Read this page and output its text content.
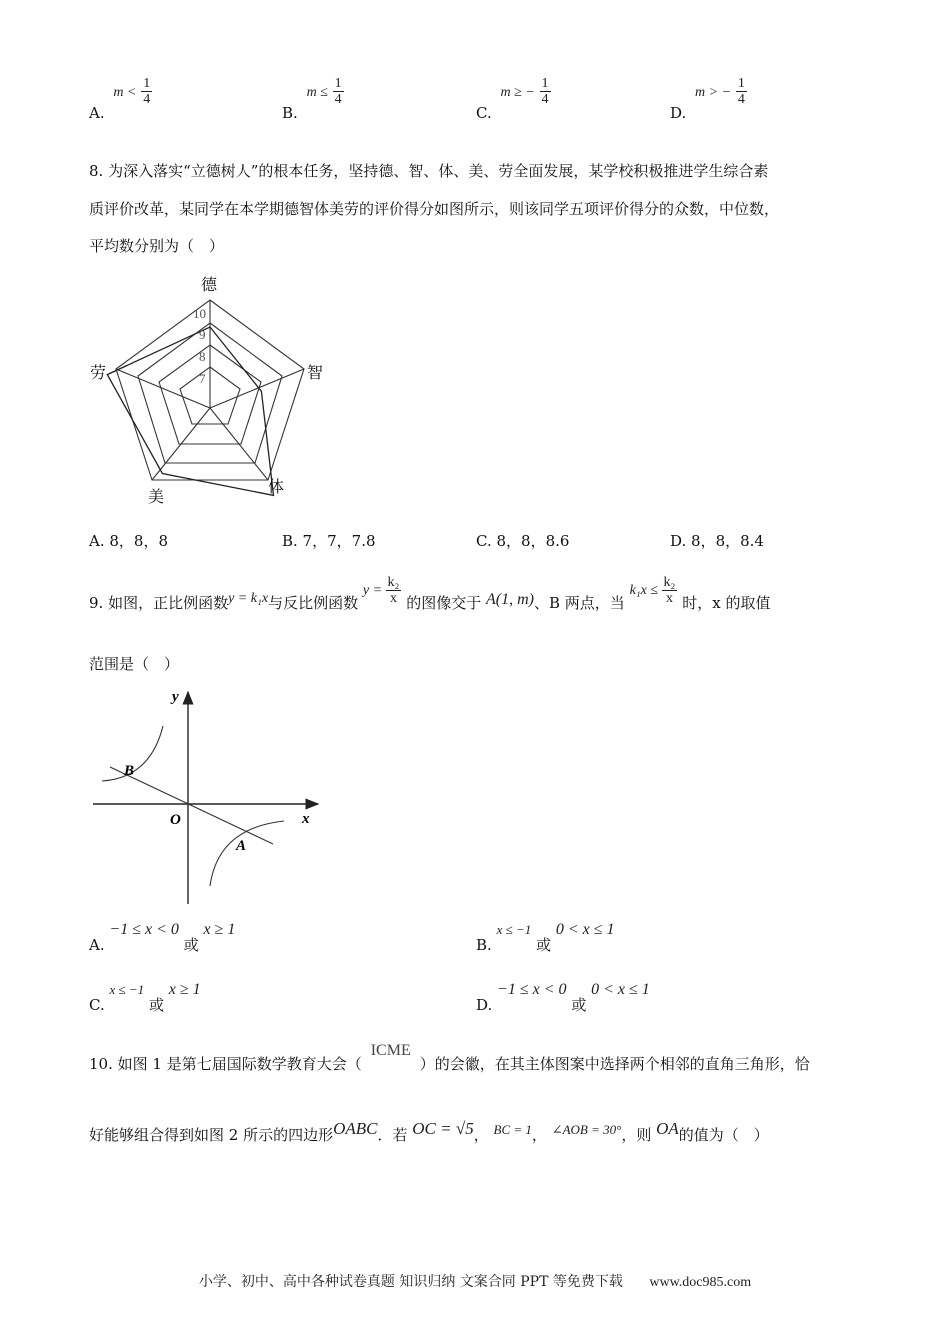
A. $m < \frac{1}{4}$
B. $m \le \frac{1}{4}$
C. m ≥ − $\frac{1}{4}$
D. m > − $\frac{1}{4}$
8. 为深入落实“立德树人”的根本任务，坚持德、智、体、美、劳全面发展，某学校积极推进学生综合素
质评价改革，某同学在本学期德智体美劳的评价得分如图所示，则该同学五项评价得分的众数，中位数，
平均数分别为（　）
10
9
8
7
德
智
体
美
劳
A. 8，8，8	B. 7，7，7.8	C. 8，8，8.6	D. 8，8，8.4
9. 如图，正比例函数y = k₁x与反比例函数 $y = \frac{\text{k₂}}{x}$ 的图像交于 A(1, m)、B 两点，当 $k_1x \le \frac{\text{k₂}}{x}$ 时，x 的取值
范围是（　）
y
x
O
A
B
A. −1 ≤ x < 0 或 x ≥ 1
B. x ≤ −1 或 0 < x ≤ 1
C. x ≤ −1 或 x ≥ 1
D. −1 ≤ x < 0 或 0 < x ≤ 1
10. 如图 1 是第七届国际数学教育大会（ICME）的会徽，在其主体图案中选择两个相邻的直角三角形，恰
好能够组合得到如图 2 所示的四边形OABC．若 OC = √5， BC = 1， ∠AOB = 30°，则 OA的值为（　）
小学、初中、高中各种试卷真题 知识归纳 文案合同 PPT 等免费下载 www.doc985.com
